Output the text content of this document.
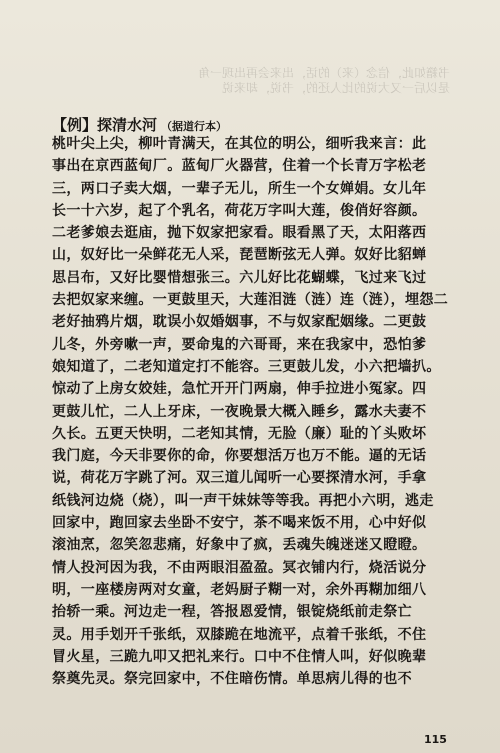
书籍如此，信念（来）的话，出来会再出现一角
是以后一又大说的比人还的，书说，却来说
【例】探清水河 （据道行本）
桃叶尖上尖，柳叶青满天，在其位的明公，细听我来言：此
事出在京西蓝甸厂。蓝甸厂火器营，住着一个长青万字松老
三，两口子卖大烟，一辈子无儿，所生一个女婵娟。女儿年
长一十六岁，起了个乳名，荷花万字叫大莲，俊俏好容颜。
二老爹娘去逛庙，抛下奴家把家看。眼看黑了天，太阳落西
山，奴好比一朵鲜花无人采，琵琶断弦无人弹。奴好比貂蝉
思吕布，又好比婴惜想张三。六儿好比花蝴蝶，飞过来飞过
去把奴家来缠。一更鼓里天，大莲泪涟（涟）连（涟），埋怨二
老好抽鸦片烟，耽误小奴婚姻事，不与奴家配姻缘。二更鼓
儿冬，外旁嗽一声，要命鬼的六哥哥，来在我家中，恐怕爹
娘知道了，二老知道定打不能容。三更鼓儿发，小六把墙扒。
惊动了上房女姣娃，急忙开开门两扇，伸手拉进小冤家。四
更鼓儿忙，二人上牙床，一夜晚景大概入睡乡，露水夫妻不
久长。五更天快明，二老知其情，无脸（廉）耻的丫头败坏
我门庭，今天非要你的命，你要想活万也万不能。逼的无话
说，荷花万字跳了河。双三道儿闻听一心要探清水河，手拿
纸钱河边烧（烧），叫一声干妹妹等等我。再把小六明，逃走
回家中，跑回家去坐卧不安宁，茶不喝来饭不用，心中好似
滚油烹，忽笑忽悲痛，好象中了疯，丢魂失魄迷迷又瞪瞪。
情人投河因为我，不由两眼泪盈盈。冥衣铺内行，烧活说分
明，一座楼房两对女童，老妈厨子糊一对，余外再糊加细八
抬轿一乘。河边走一程，答报恩爱情，银锭烧纸前走祭亡
灵。用手划开千张纸，双膝跪在地流平，点着千张纸，不住
冒火星，三跪九叩又把礼来行。口中不住情人叫，好似晚辈
祭奠先灵。祭完回家中，不住暗伤情。单思病儿得的也不
115
